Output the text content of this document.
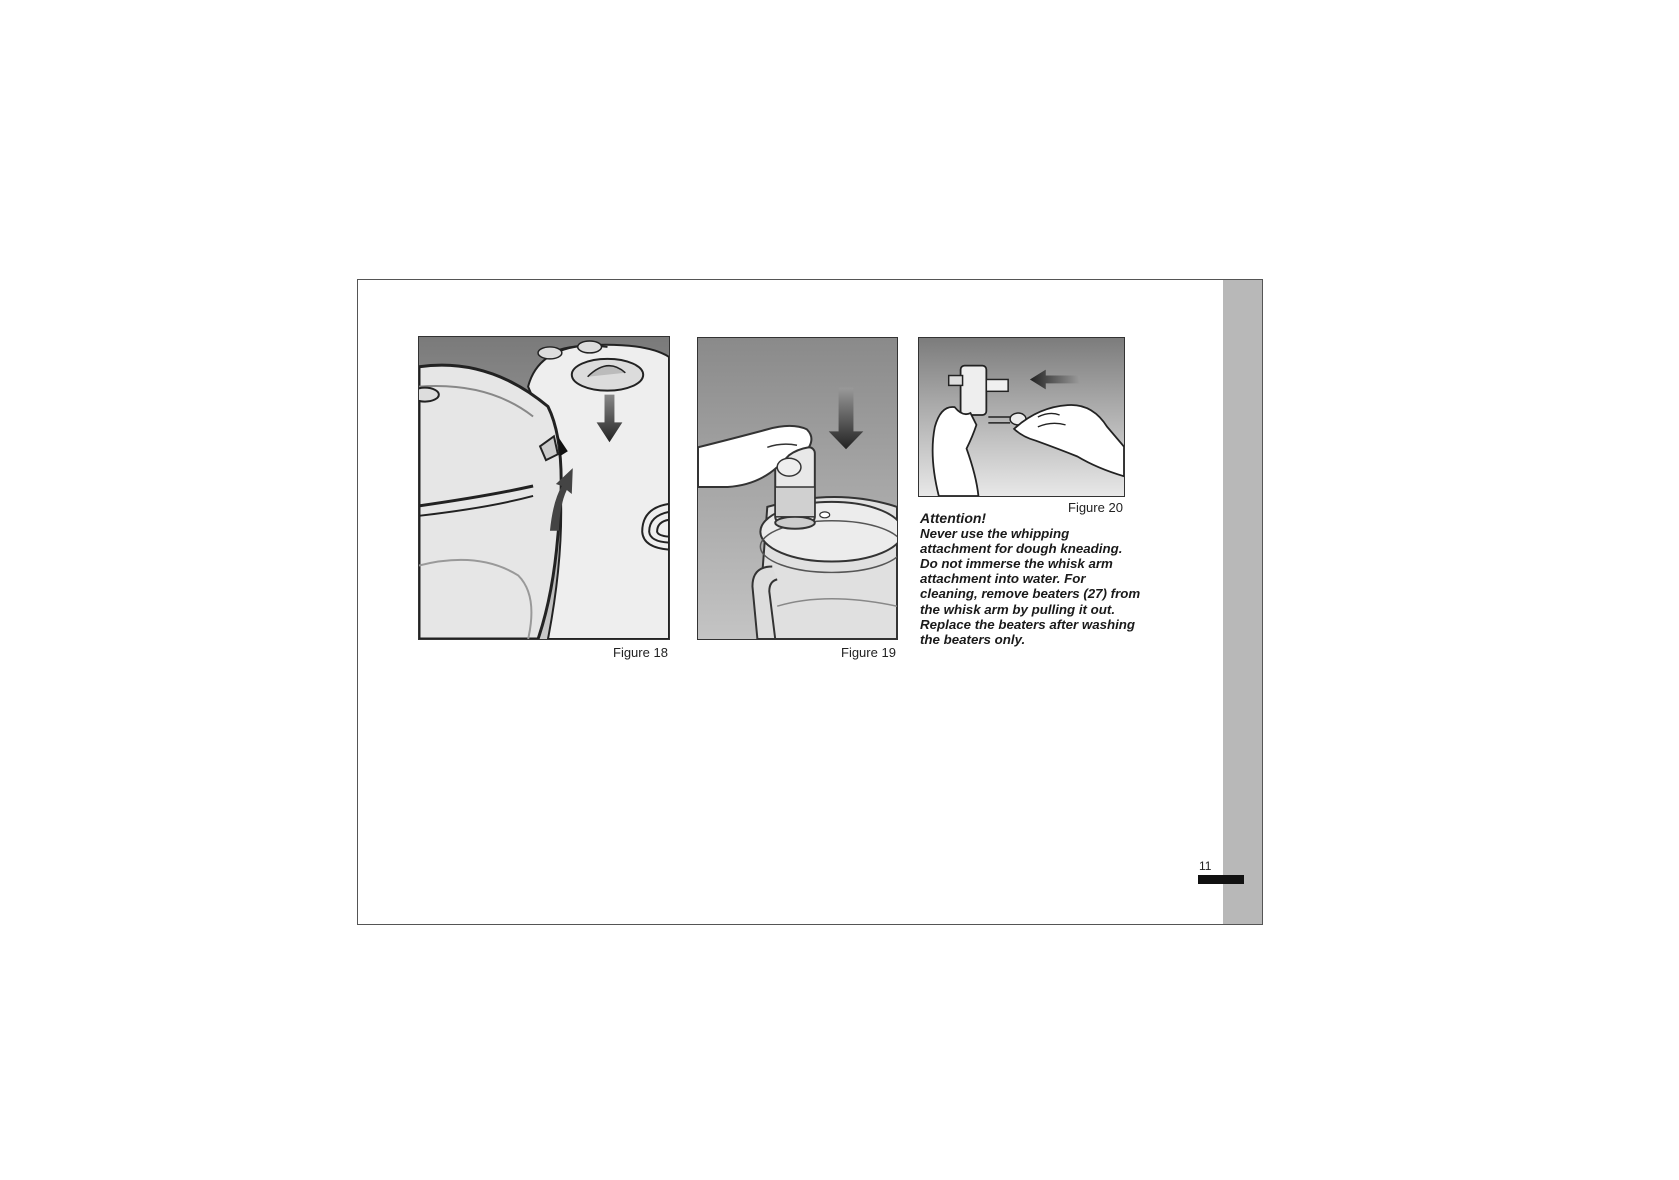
Figure 18	Figure 19
Figure 20
Attention!
Never use the whipping
attachment for dough kneading.
Do not immerse the whisk arm
attachment into water. For
cleaning, remove beaters (27) from
the whisk arm by pulling it out.
Replace the beaters after washing
the beaters only.
11
